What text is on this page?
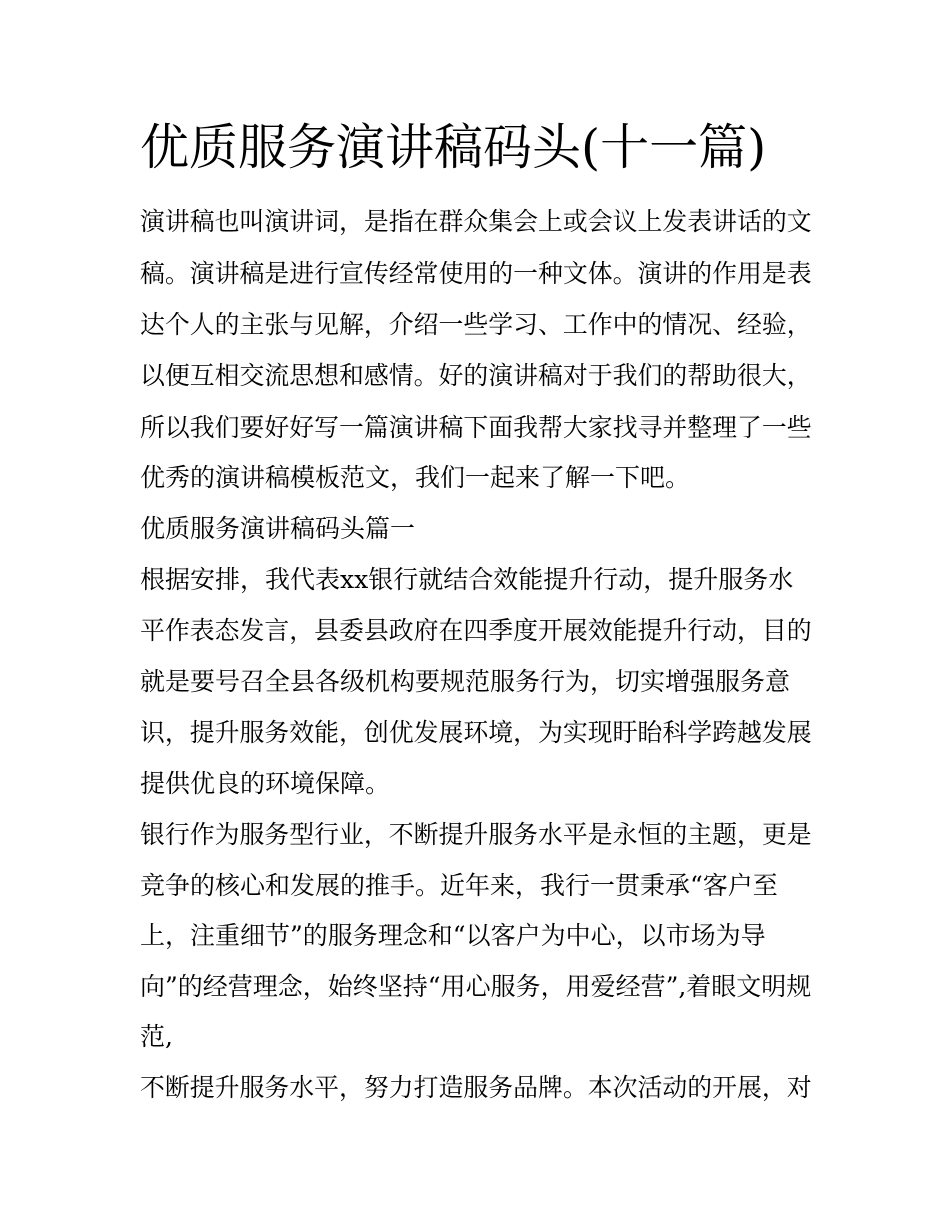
优质服务演讲稿码头(十一篇)

演讲稿也叫演讲词，是指在群众集会上或会议上发表讲话的文

稿。演讲稿是进行宣传经常使用的一种文体。演讲的作用是表

达个人的主张与见解，介绍一些学习、工作中的情况、经验，

以便互相交流思想和感情。好的演讲稿对于我们的帮助很大，

所以我们要好好写一篇演讲稿下面我帮大家找寻并整理了一些

优秀的演讲稿模板范文，我们一起来了解一下吧。

优质服务演讲稿码头篇一

根据安排，我代表xx银行就结合效能提升行动，提升服务水

平作表态发言，县委县政府在四季度开展效能提升行动，目的

就是要号召全县各级机构要规范服务行为，切实增强服务意

识，提升服务效能，创优发展环境，为实现盱眙科学跨越发展

提供优良的环境保障。

银行作为服务型行业，不断提升服务水平是永恒的主题，更是

竞争的核心和发展的推手。近年来，我行一贯秉承“客户至

上，注重细节”的服务理念和“以客户为中心，以市场为导

向”的经营理念，始终坚持“用心服务，用爱经营”,着眼文明规

范,

不断提升服务水平，努力打造服务品牌。本次活动的开展，对
